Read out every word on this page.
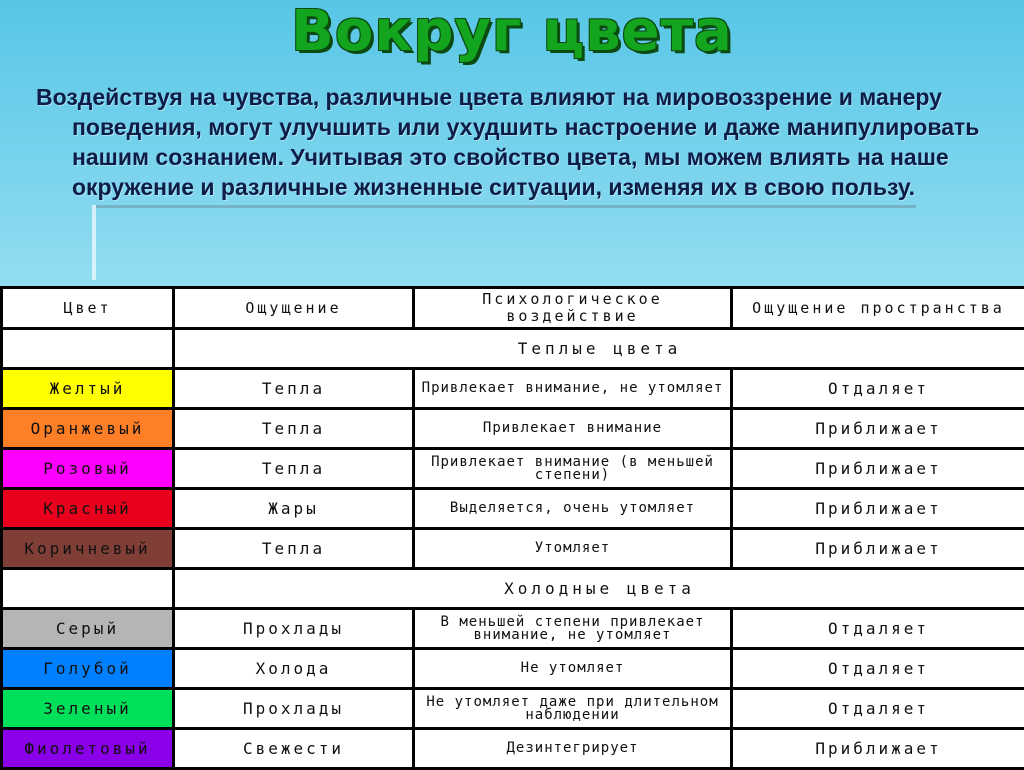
Вокруг цвета
Воздействуя на чувства, различные цвета влияют на мировоззрение и манеру поведения, могут улучшить или ухудшить настроение и даже манипулировать нашим сознанием. Учитывая это свойство цвета, мы можем влиять на наше окружение и различные жизненные ситуации, изменяя их в свою пользу.
Цвет	Ощущение	Психологическое воздействие	Ощущение пространства
	Теплые цвета		
Желтый	Тепла	Привлекает внимание, не утомляет	Отдаляет
Оранжевый	Тепла	Привлекает внимание	Приближает
Розовый	Тепла	Привлекает внимание (в меньшей степени)	Приближает
Красный	Жары	Выделяется, очень утомляет	Приближает
Коричневый	Тепла	Утомляет	Приближает
	Холодные цвета		
Серый	Прохлады	В меньшей степени привлекает внимание, не утомляет	Отдаляет
Голубой	Холода	Не утомляет	Отдаляет
Зеленый	Прохлады	Не утомляет даже при длительном наблюдении	Отдаляет
Фиолетовый	Свежести	Дезинтегрирует	Приближает
